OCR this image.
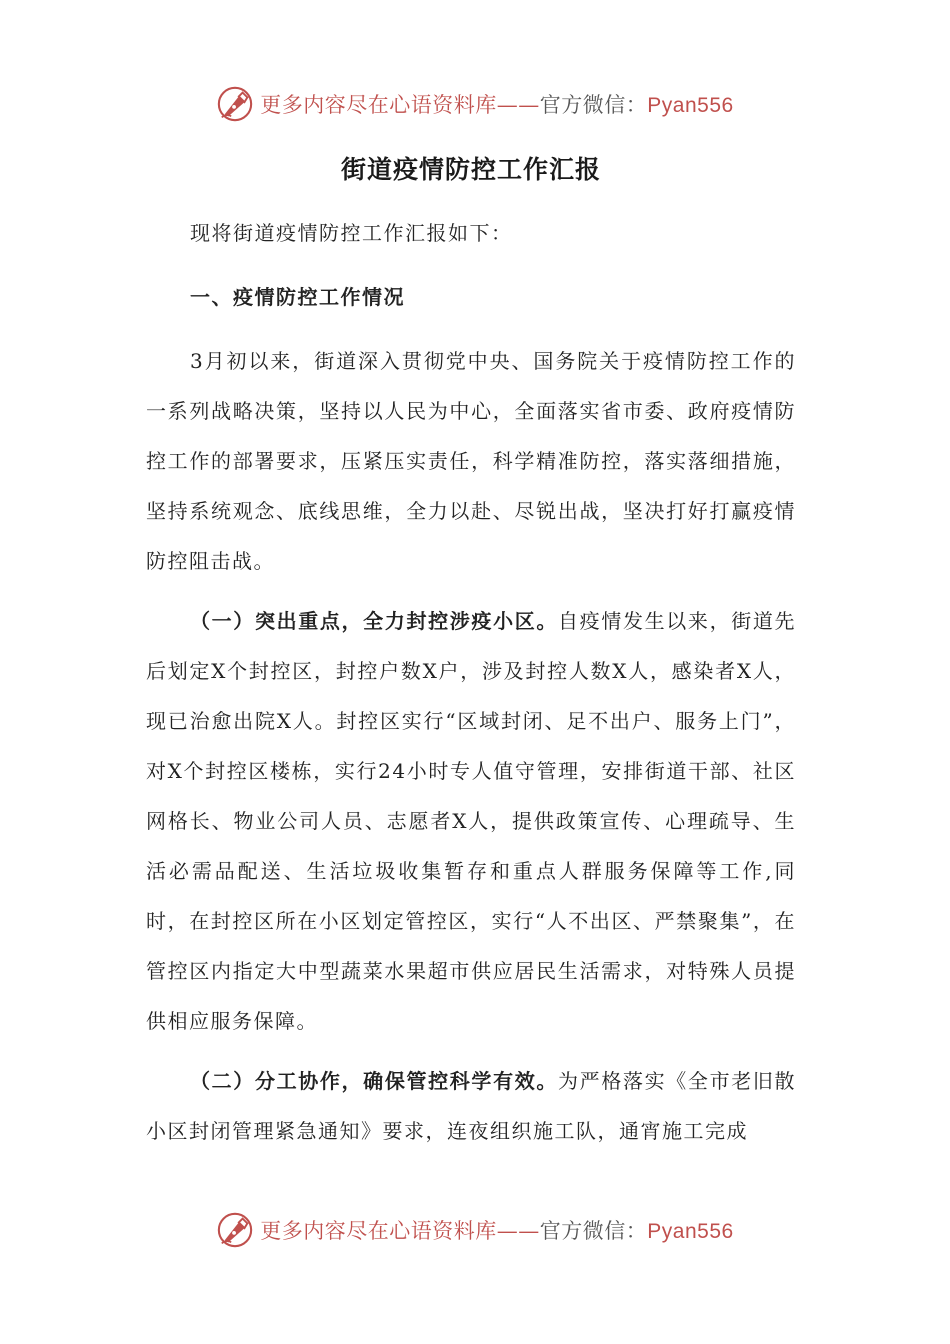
更多内容尽在心语资料库——官方微信：Pyan556
街道疫情防控工作汇报

现将街道疫情防控工作汇报如下：

一、疫情防控工作情况

3月初以来，街道深入贯彻党中央、国务院关于疫情防控工作的一系列战略决策，坚持以人民为中心，全面落实省市委、政府疫情防控工作的部署要求，压紧压实责任，科学精准防控，落实落细措施，坚持系统观念、底线思维，全力以赴、尽锐出战，坚决打好打赢疫情防控阻击战。

（一）突出重点，全力封控涉疫小区。自疫情发生以来，街道先后划定X个封控区，封控户数X户，涉及封控人数X人，感染者X人，现已治愈出院X人。封控区实行“区域封闭、足不出户、服务上门”，对X个封控区楼栋，实行24小时专人值守管理，安排街道干部、社区网格长、物业公司人员、志愿者X人，提供政策宣传、心理疏导、生活必需品配送、生活垃圾收集暂存和重点人群服务保障等工作,同时，在封控区所在小区划定管控区，实行“人不出区、严禁聚集”，在管控区内指定大中型蔬菜水果超市供应居民生活需求，对特殊人员提供相应服务保障。

（二）分工协作，确保管控科学有效。为严格落实《全市老旧散小区封闭管理紧急通知》要求，连夜组织施工队，通宵施工完成

更多内容尽在心语资料库——官方微信：Pyan556
